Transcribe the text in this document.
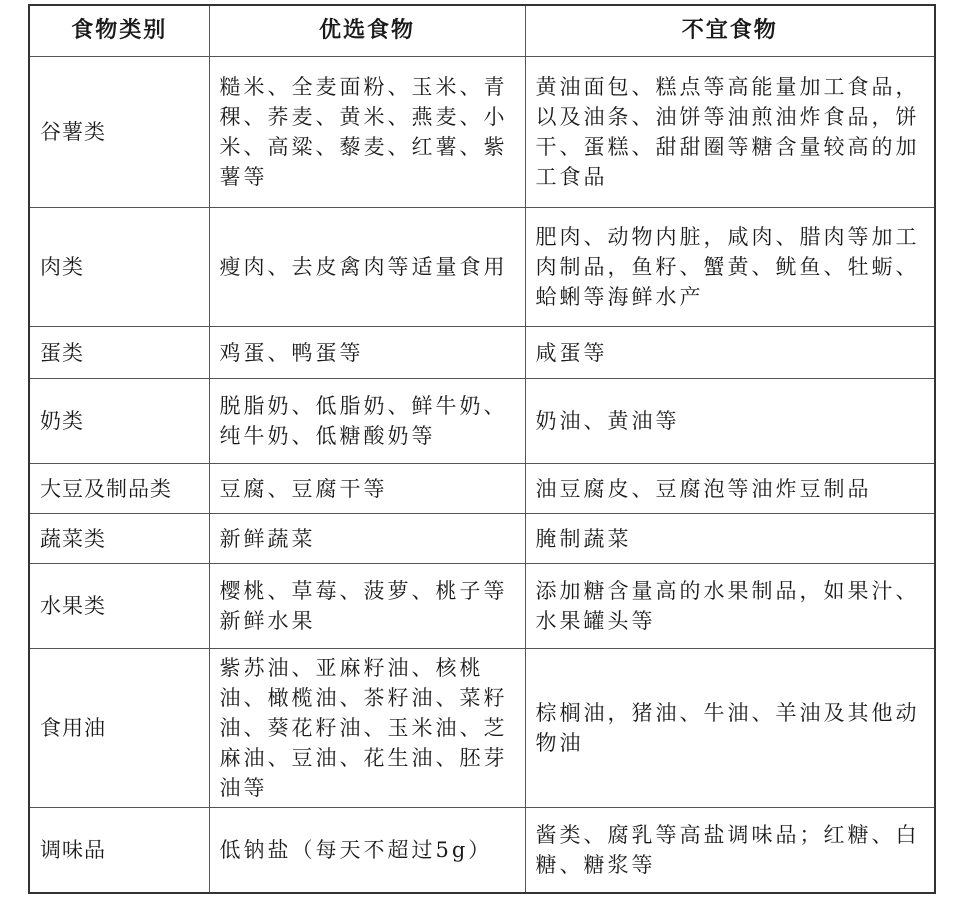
食物类别	优选食物	不宜食物
谷薯类	糙米、全麦面粉、玉米、青稞、荞麦、黄米、燕麦、小米、高粱、藜麦、红薯、紫薯等	黄油面包、糕点等高能量加工食品，以及油条、油饼等油煎油炸食品，饼干、蛋糕、甜甜圈等糖含量较高的加工食品
肉类	瘦肉、去皮禽肉等适量食用	肥肉、动物内脏，咸肉、腊肉等加工肉制品，鱼籽、蟹黄、鱿鱼、牡蛎、蛤蜊等海鲜水产
蛋类	鸡蛋、鸭蛋等	咸蛋等
奶类	脱脂奶、低脂奶、鲜牛奶、纯牛奶、低糖酸奶等	奶油、黄油等
大豆及制品类	豆腐、豆腐干等	油豆腐皮、豆腐泡等油炸豆制品
蔬菜类	新鲜蔬菜	腌制蔬菜
水果类	樱桃、草莓、菠萝、桃子等新鲜水果	添加糖含量高的水果制品，如果汁、水果罐头等
食用油	紫苏油、亚麻籽油、核桃油、橄榄油、茶籽油、菜籽油、葵花籽油、玉米油、芝麻油、豆油、花生油、胚芽油等	棕榈油，猪油、牛油、羊油及其他动物油
调味品	低钠盐（每天不超过5g）	酱类、腐乳等高盐调味品；红糖、白糖、糖浆等
